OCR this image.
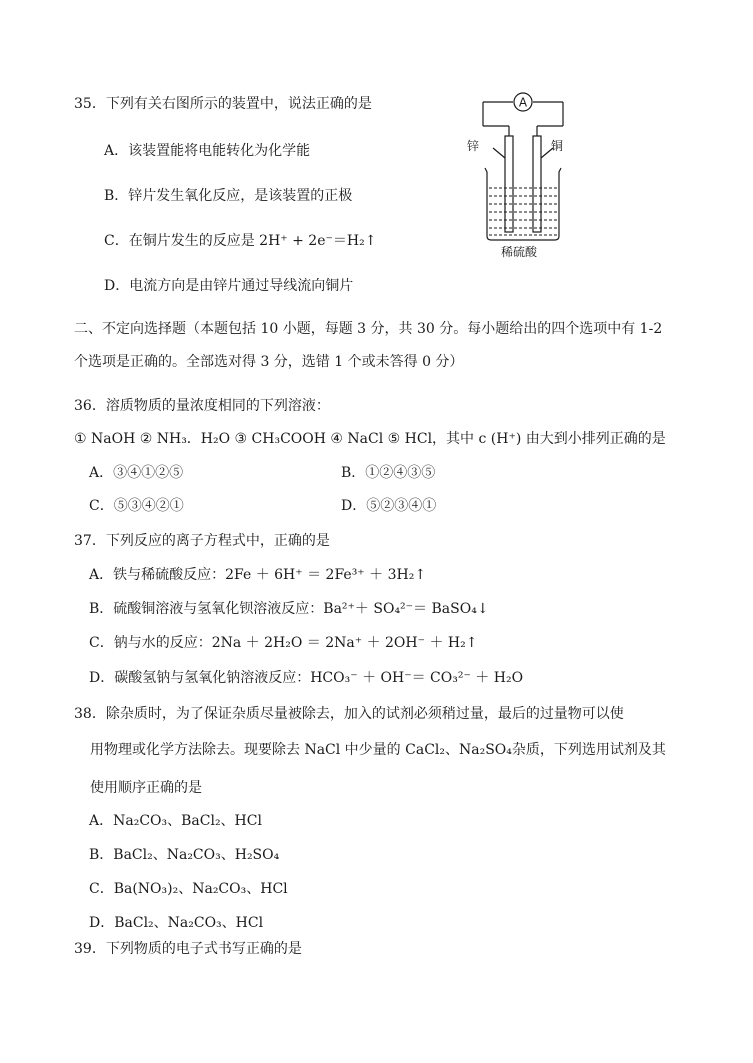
35．下列有关右图所示的装置中，说法正确的是
A．该装置能将电能转化为化学能
B．锌片发生氧化反应，是该装置的正极
C．在铜片发生的反应是 2H⁺ + 2e⁻＝H₂↑
D．电流方向是由锌片通过导线流向铜片
A
锌	铜
稀硫酸
二、不定向选择题（本题包括 10 小题，每题 3 分，共 30 分。每小题给出的四个选项中有 1-2
个选项是正确的。全部选对得 3 分，选错 1 个或未答得 0 分）
36．溶质物质的量浓度相同的下列溶液：
① NaOH ② NH₃．H₂O ③ CH₃COOH ④ NaCl ⑤ HCl，其中 c (H⁺) 由大到小排列正确的是
A．③④①②⑤	B．①②④③⑤
C．⑤③④②①	D．⑤②③④①
37．下列反应的离子方程式中，正确的是
A．铁与稀硫酸反应：2Fe ＋ 6H⁺ ＝ 2Fe³⁺ ＋ 3H₂↑
B．硫酸铜溶液与氢氧化钡溶液反应：Ba²⁺＋ SO₄²⁻＝ BaSO₄↓
C．钠与水的反应：2Na ＋ 2H₂O ＝ 2Na⁺ ＋ 2OH⁻ ＋ H₂↑
D．碳酸氢钠与氢氧化钠溶液反应：HCO₃⁻ ＋ OH⁻＝ CO₃²⁻ ＋ H₂O
38．除杂质时，为了保证杂质尽量被除去，加入的试剂必须稍过量，最后的过量物可以使
用物理或化学方法除去。现要除去 NaCl 中少量的 CaCl₂、Na₂SO₄杂质，下列选用试剂及其
使用顺序正确的是
A．Na₂CO₃、BaCl₂、HCl
B．BaCl₂、Na₂CO₃、H₂SO₄
C．Ba(NO₃)₂、Na₂CO₃、HCl
D．BaCl₂、Na₂CO₃、HCl
39．下列物质的电子式书写正确的是
